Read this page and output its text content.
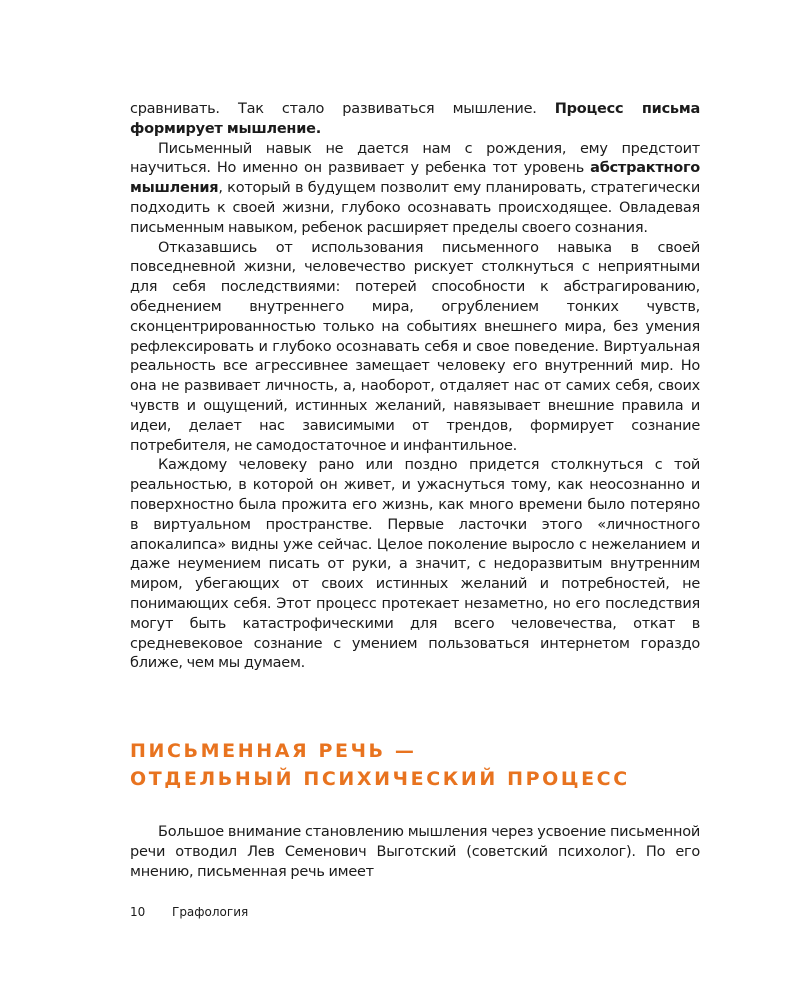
сравнивать. Так стало развиваться мышление. Процесс письма формирует мышление.

Письменный навык не дается нам с рождения, ему предстоит научиться. Но именно он развивает у ребенка тот уровень абстрактного мышления, который в будущем позволит ему планировать, стратегически подходить к своей жизни, глубоко осознавать происходящее. Овладевая письменным навыком, ребенок расширяет пределы своего сознания.

Отказавшись от использования письменного навыка в своей повседневной жизни, человечество рискует столкнуться с неприятными для себя последствиями: потерей способности к абстрагированию, обеднением внутреннего мира, огрублением тонких чувств, сконцентрированностью только на событиях внешнего мира, без умения рефлексировать и глубоко осознавать себя и свое поведение. Виртуальная реальность все агрессивнее замещает человеку его внутренний мир. Но она не развивает личность, а, наоборот, отдаляет нас от самих себя, своих чувств и ощущений, истинных желаний, навязывает внешние правила и идеи, делает нас зависимыми от трендов, формирует сознание потребителя, не самодостаточное и инфантильное.

Каждому человеку рано или поздно придется столкнуться с той реальностью, в которой он живет, и ужаснуться тому, как неосознанно и поверхностно была прожита его жизнь, как много времени было потеряно в виртуальном пространстве. Первые ласточки этого «личностного апокалипса» видны уже сейчас. Целое поколение выросло с нежеланием и даже неумением писать от руки, а значит, с недоразвитым внутренним миром, убегающих от своих истинных желаний и потребностей, не понимающих себя. Этот процесс протекает незаметно, но его последствия могут быть катастрофическими для всего человечества, откат в средневековое сознание с умением пользоваться интернетом гораздо ближе, чем мы думаем.

ПИСЬМЕННАЯ РЕЧЬ —
ОТДЕЛЬНЫЙ ПСИХИЧЕСКИЙ ПРОЦЕСС

Большое внимание становлению мышления через усвоение письменной речи отводил Лев Семенович Выготский (советский психолог). По его мнению, письменная речь имеет

10 Графология
